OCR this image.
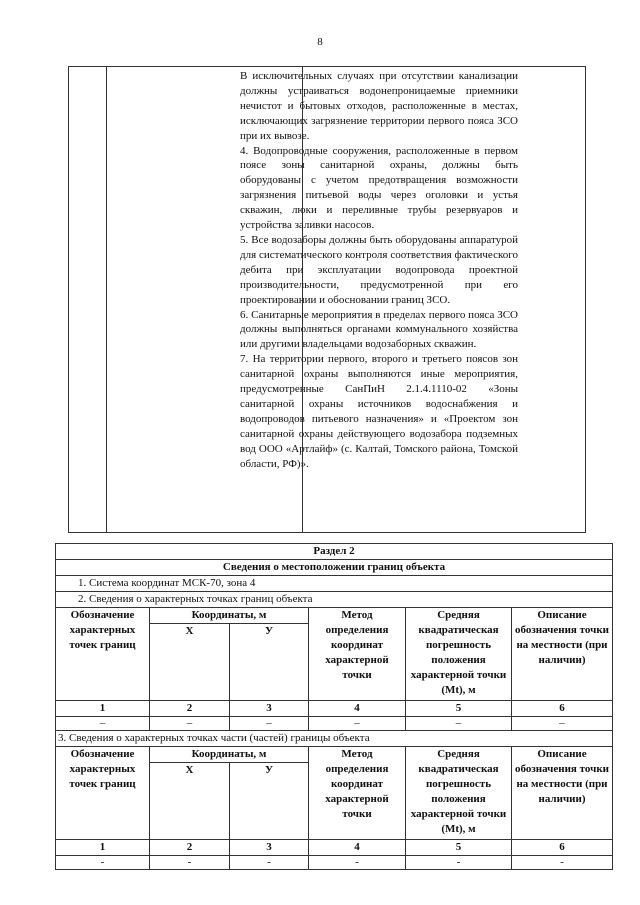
8

В исключительных случаях при отсутствии канализации должны устраиваться водонепроницаемые приемники нечистот и бытовых отходов, расположенные в местах, исключающих загрязнение территории первого пояса ЗСО при их вывозе.

4. Водопроводные сооружения, расположенные в первом поясе зоны санитарной охраны, должны быть оборудованы с учетом предотвращения возможности загрязнения питьевой воды через оголовки и устья скважин, люки и переливные трубы резервуаров и устройства заливки насосов.

5. Все водозаборы должны быть оборудованы аппаратурой для систематического контроля соответствия фактического дебита при эксплуатации водопровода проектной производительности, предусмотренной при его проектировании и обосновании границ ЗСО.

6. Санитарные мероприятия в пределах первого пояса ЗСО должны выполняться органами коммунального хозяйства или другими владельцами водозаборных скважин.

7. На территории первого, второго и третьего поясов зон санитарной охраны выполняются иные мероприятия, предусмотренные СанПиН 2.1.4.1110-02 «Зоны санитарной охраны источников водоснабжения и водопроводов питьевого назначения» и «Проектом зон санитарной охраны действующего водозабора подземных вод ООО «Артлайф» (с. Калтай, Томского района, Томской области, РФ)».

Раздел 2					
Сведения о местоположении границ объекта					
1. Система координат МСК-70, зона 4					
2. Сведения о характерных точках границ объекта					
Обозначение характерных точек границ	Координаты, м		Метод определения координат характерной точки	Средняя квадратическая погрешность положения характерной точки (Mt), м	Описание обозначения точки на местности (при наличии)
	Х	У			
1	2	3	4	5	6
–	–	–	–	–	–
3. Сведения о характерных точках части (частей) границы объекта					
Обозначение характерных точек границ	Координаты, м		Метод определения координат характерной точки	Средняя квадратическая погрешность положения характерной точки (Mt), м	Описание обозначения точки на местности (при наличии)
	Х	У			
1	2	3	4	5	6
-	-	-	-	-	-
